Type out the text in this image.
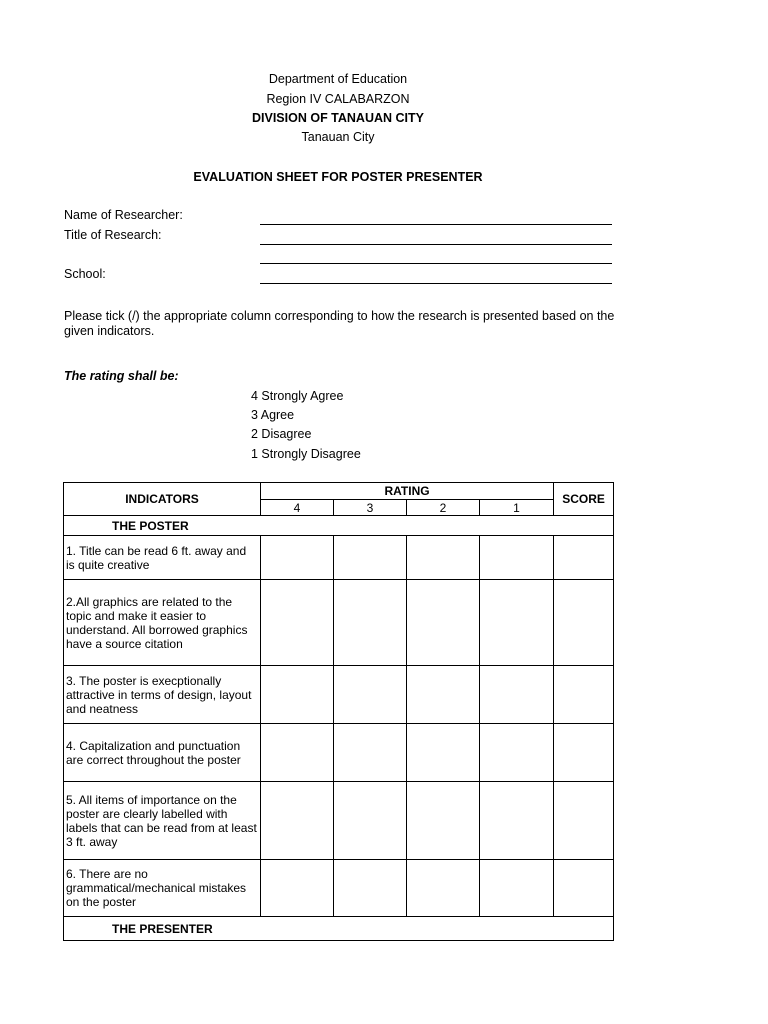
Department of Education
Region IV CALABARZON
DIVISION OF TANAUAN CITY
Tanauan City
EVALUATION SHEET FOR POSTER PRESENTER
Name of Researcher:
Title of Research:
School:
Please tick (/) the appropriate column corresponding to how the research is presented based on the given indicators.
The rating shall be:
4 Strongly Agree
3 Agree
2 Disagree
1 Strongly Disagree
INDICATORS	RATING				SCORE
	4	3	2	1	
THE POSTER					
1. Title can be read 6 ft. away and is quite creative					
2.All graphics are related to the topic and make it easier to understand. All borrowed graphics have a source citation					
3. The poster is execptionally attractive in terms of design, layout and neatness					
4. Capitalization and punctuation are correct throughout the poster					
5. All items of importance on the poster are clearly labelled with labels that can be read from at least 3 ft. away					
6. There are no grammatical/mechanical mistakes on the poster					
THE PRESENTER					
